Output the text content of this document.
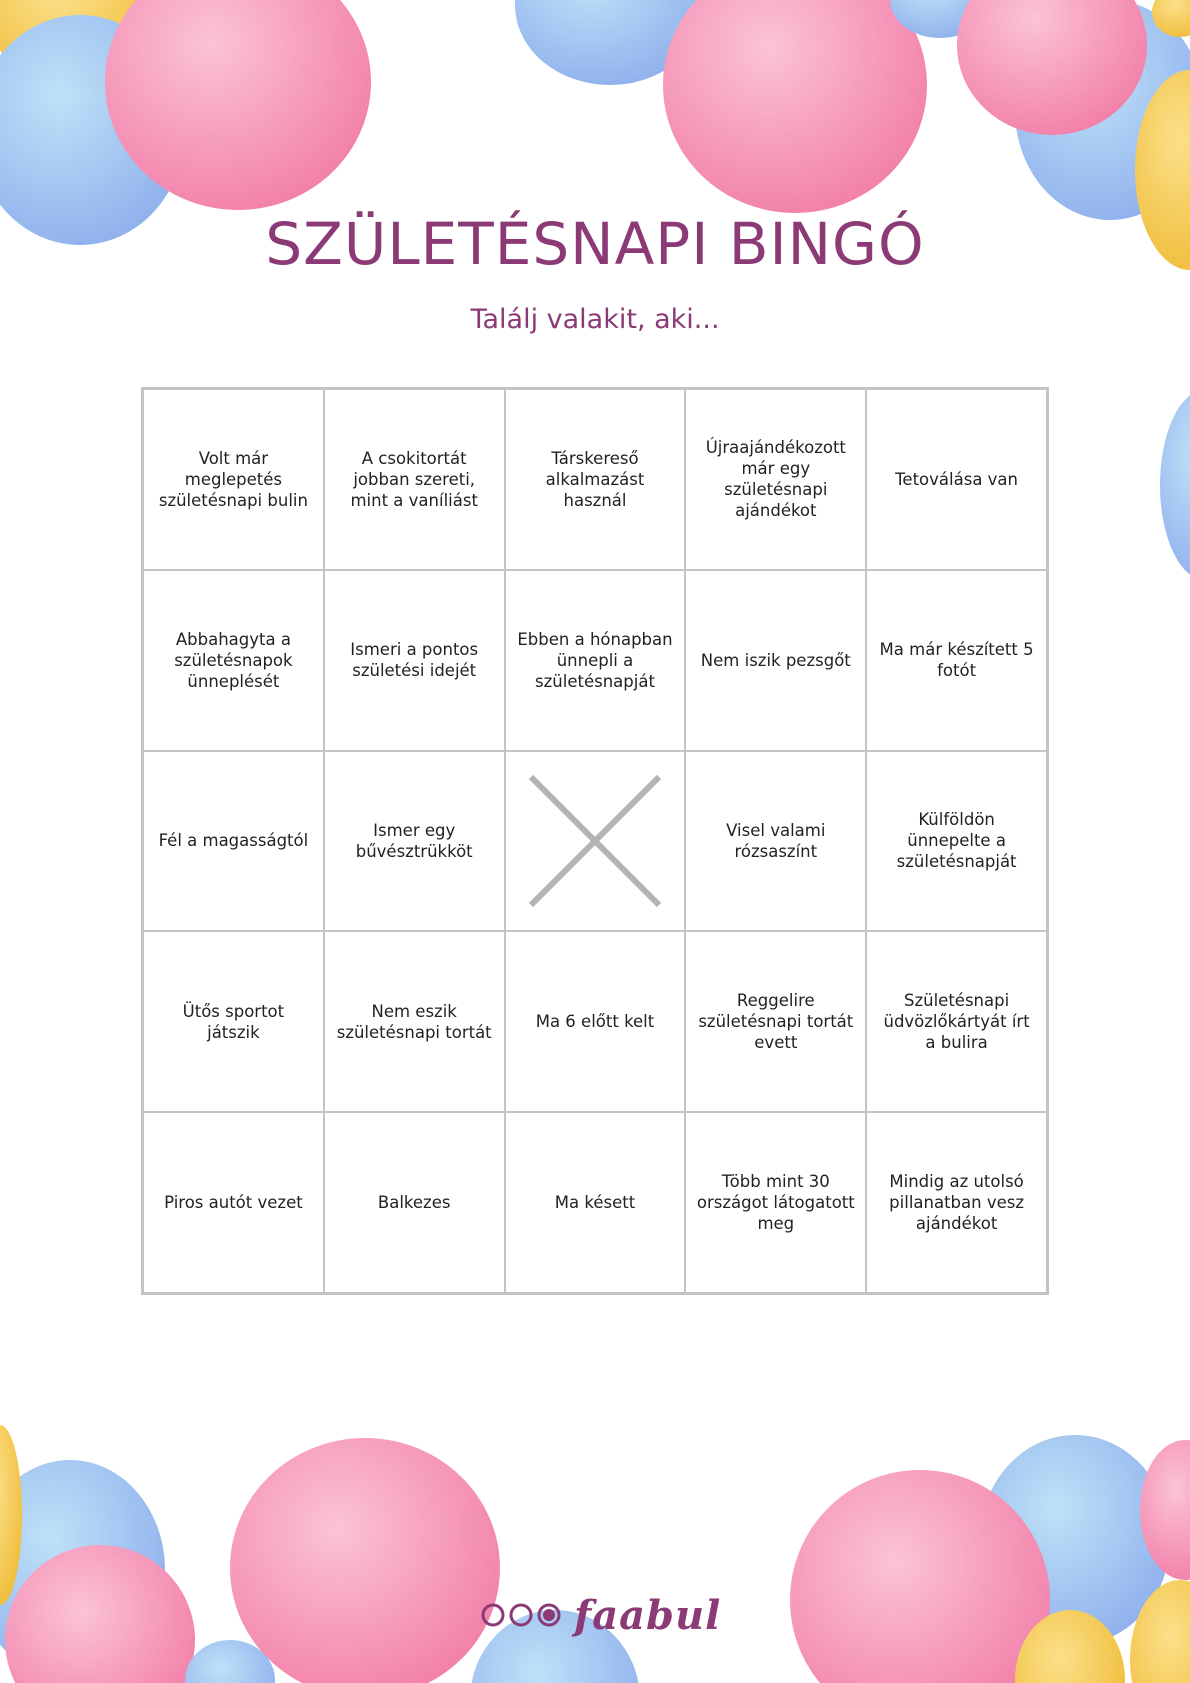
SZÜLETÉSNAPI BINGÓ

Találj valakit, aki...

Volt már meglepetés születésnapi bulin
A csokitortát jobban szereti, mint a vaníliást
Társkereső alkalmazást használ
Újraajándékozott már egy születésnapi ajándékot
Tetoválása van
Abbahagyta a születésnapok ünneplését
Ismeri a pontos születési idejét
Ebben a hónapban ünnepli a születésnapját
Nem iszik pezsgőt
Ma már készített 5 fotót
Fél a magasságtól
Ismer egy bűvésztrükköt
Visel valami rózsaszínt
Külföldön ünnepelte a születésnapját
Ütős sportot játszik
Nem eszik születésnapi tortát
Ma 6 előtt kelt
Reggelire születésnapi tortát evett
Születésnapi üdvözlőkártyát írt a bulira
Piros autót vezet	Balkezes	Ma késett
Több mint 30 országot látogatott meg
Mindig az utolsó pillanatban vesz ajándékot
faabul
